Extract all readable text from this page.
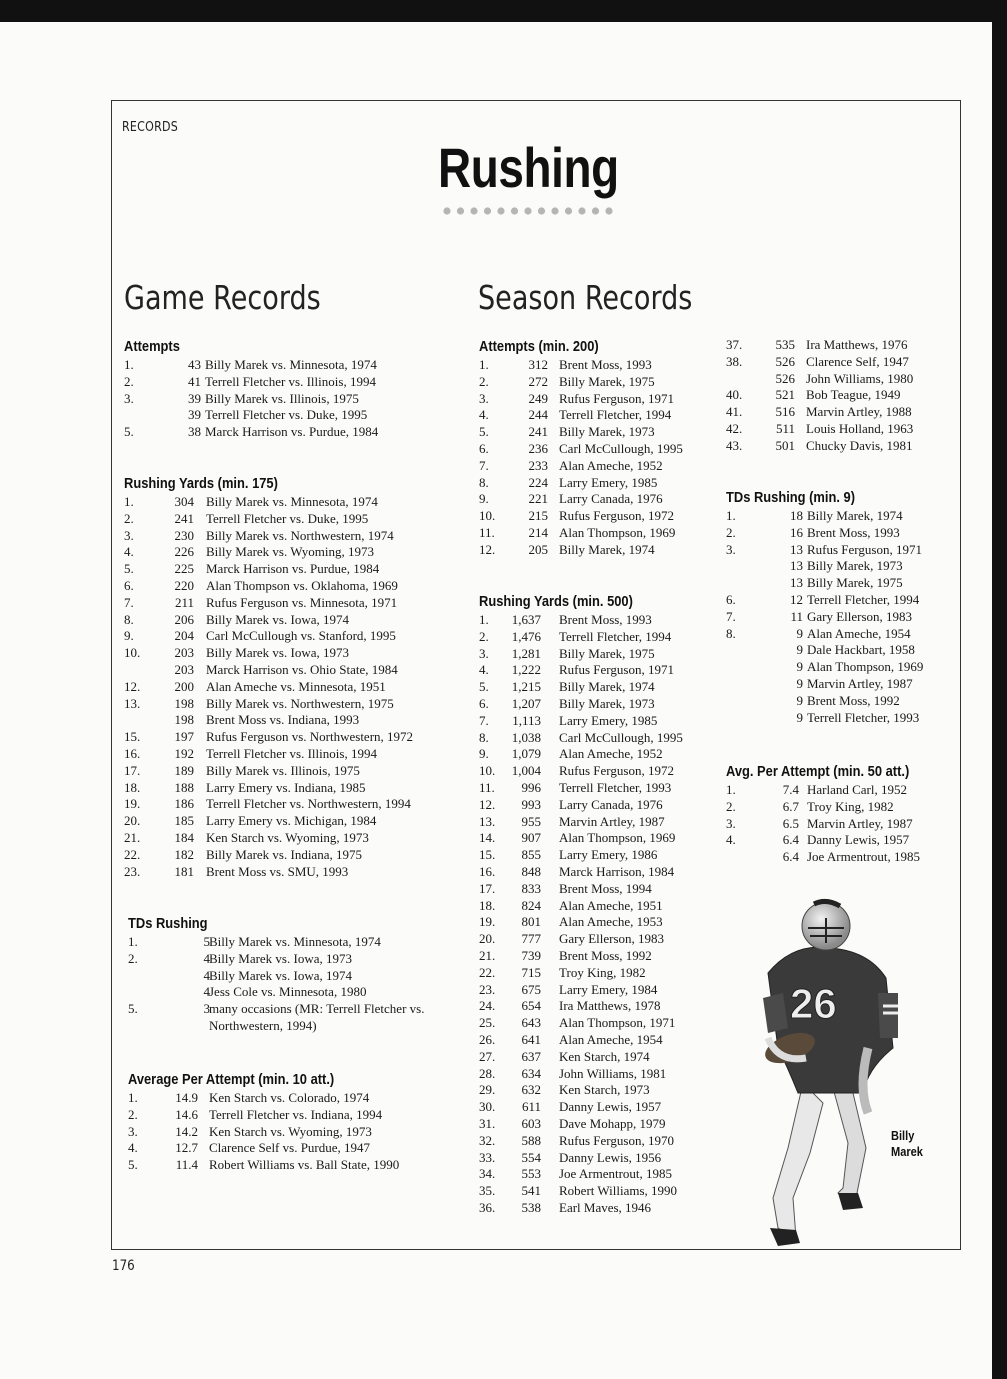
RECORDS
Rushing
Game Records	Season Records
Attempts
1.	43 Billy Marek vs. Minnesota, 1974
2.	41 Terrell Fletcher vs. Illinois, 1994
3.	39 Billy Marek vs. Illinois, 1975
39 Terrell Fletcher vs. Duke, 1995
5.	38 Marck Harrison vs. Purdue, 1984
Rushing Yards (min. 175)
1.	304 Billy Marek vs. Minnesota, 1974
2.	241 Terrell Fletcher vs. Duke, 1995
3.	230 Billy Marek vs. Northwestern, 1974
4.	226 Billy Marek vs. Wyoming, 1973
5.	225 Marck Harrison vs. Purdue, 1984
6.	220 Alan Thompson vs. Oklahoma, 1969
7.	211 Rufus Ferguson vs. Minnesota, 1971
8.	206 Billy Marek vs. Iowa, 1974
9.	204 Carl McCullough vs. Stanford, 1995
10.	203 Billy Marek vs. Iowa, 1973
203 Marck Harrison vs. Ohio State, 1984
12.	200 Alan Ameche vs. Minnesota, 1951
13.	198 Billy Marek vs. Northwestern, 1975
198 Brent Moss vs. Indiana, 1993
15.	197 Rufus Ferguson vs. Northwestern, 1972
16.	192 Terrell Fletcher vs. Illinois, 1994
17.	189 Billy Marek vs. Illinois, 1975
18.	188 Larry Emery vs. Indiana, 1985
19.	186 Terrell Fletcher vs. Northwestern, 1994
20.	185 Larry Emery vs. Michigan, 1984
21.	184 Ken Starch vs. Wyoming, 1973
22.	182 Billy Marek vs. Indiana, 1975
23.	181 Brent Moss vs. SMU, 1993
TDs Rushing
1.	5 Billy Marek vs. Minnesota, 1974
2.	4 Billy Marek vs. Iowa, 1973
4 Billy Marek vs. Iowa, 1974
4 Jess Cole vs. Minnesota, 1980
5.	3 many occasions (MR: Terrell Fletcher vs. Northwestern, 1994)
Average Per Attempt (min. 10 att.)
1.	14.9 Ken Starch vs. Colorado, 1974
2.	14.6 Terrell Fletcher vs. Indiana, 1994
3.	14.2 Ken Starch vs. Wyoming, 1973
4.	12.7 Clarence Self vs. Purdue, 1947
5.	11.4 Robert Williams vs. Ball State, 1990
Attempts (min. 200)
1.	312 Brent Moss, 1993
2.	272 Billy Marek, 1975
3.	249 Rufus Ferguson, 1971
4.	244 Terrell Fletcher, 1994
5.	241 Billy Marek, 1973
6.	236 Carl McCullough, 1995
7.	233 Alan Ameche, 1952
8.	224 Larry Emery, 1985
9.	221 Larry Canada, 1976
10.	215 Rufus Ferguson, 1972
11.	214 Alan Thompson, 1969
12.	205 Billy Marek, 1974
Rushing Yards (min. 500)
1.	1,637 Brent Moss, 1993
2.	1,476 Terrell Fletcher, 1994
3.	1,281 Billy Marek, 1975
4.	1,222 Rufus Ferguson, 1971
5.	1,215 Billy Marek, 1974
6.	1,207 Billy Marek, 1973
7.	1,113 Larry Emery, 1985
8.	1,038 Carl McCullough, 1995
9.	1,079 Alan Ameche, 1952
10.	1,004 Rufus Ferguson, 1972
11.	996 Terrell Fletcher, 1993
12.	993 Larry Canada, 1976
13.	955 Marvin Artley, 1987
14.	907 Alan Thompson, 1969
15.	855 Larry Emery, 1986
16.	848 Marck Harrison, 1984
17.	833 Brent Moss, 1994
18.	824 Alan Ameche, 1951
19.	801 Alan Ameche, 1953
20.	777 Gary Ellerson, 1983
21.	739 Brent Moss, 1992
22.	715 Troy King, 1982
23.	675 Larry Emery, 1984
24.	654 Ira Matthews, 1978
25.	643 Alan Thompson, 1971
26.	641 Alan Ameche, 1954
27.	637 Ken Starch, 1974
28.	634 John Williams, 1981
29.	632 Ken Starch, 1973
30.	611 Danny Lewis, 1957
31.	603 Dave Mohapp, 1979
32.	588 Rufus Ferguson, 1970
33.	554 Danny Lewis, 1956
34.	553 Joe Armentrout, 1985
35.	541 Robert Williams, 1990
36.	538 Earl Maves, 1946
37.	535 Ira Matthews, 1976
38.	526 Clarence Self, 1947
526 John Williams, 1980
40.	521 Bob Teague, 1949
41.	516 Marvin Artley, 1988
42.	511 Louis Holland, 1963
43.	501 Chucky Davis, 1981
TDs Rushing (min. 9)
1.	18 Billy Marek, 1974
2.	16 Brent Moss, 1993
3.	13 Rufus Ferguson, 1971
13 Billy Marek, 1973
13 Billy Marek, 1975
6.	12 Terrell Fletcher, 1994
7.	11 Gary Ellerson, 1983
8.	9 Alan Ameche, 1954
9 Dale Hackbart, 1958
9 Alan Thompson, 1969
9 Marvin Artley, 1987
9 Brent Moss, 1992
9 Terrell Fletcher, 1993
Avg. Per Attempt (min. 50 att.)
1.	7.4 Harland Carl, 1952
2.	6.7 Troy King, 1982
3.	6.5 Marvin Artley, 1987
4.	6.4 Danny Lewis, 1957
6.4 Joe Armentrout, 1985
26
Billy
Marek
176
